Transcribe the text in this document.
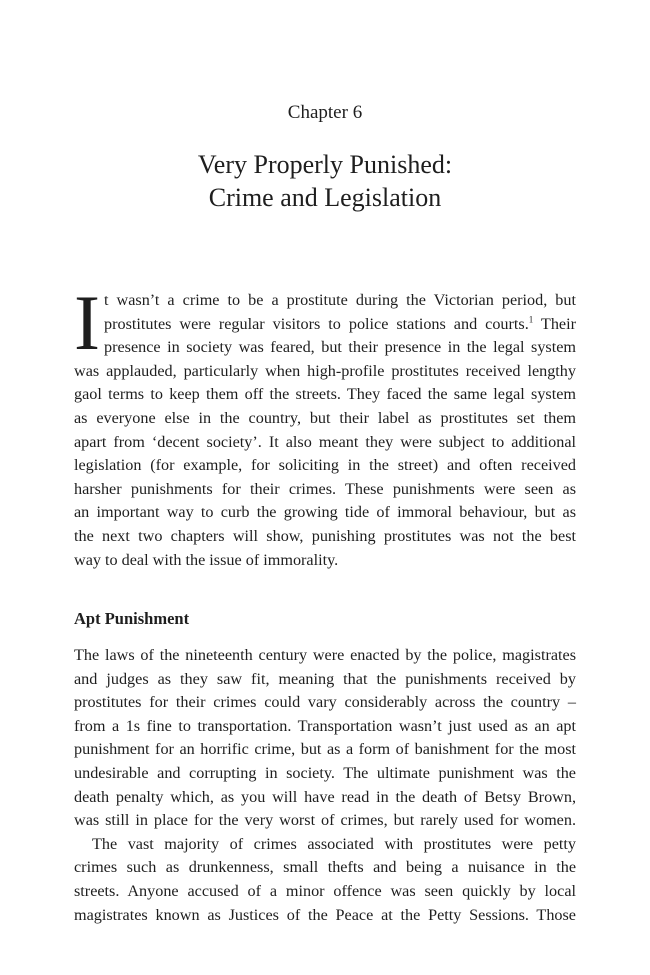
Chapter 6
Very Properly Punished:
Crime and Legislation
I t wasn’t a crime to be a prostitute during the Victorian period, but
prostitutes were regular visitors to police stations and courts.$^1$ Their
presence in society was feared, but their presence in the legal system
was applauded, particularly when high-profile prostitutes received lengthy
gaol terms to keep them off the streets. They faced the same legal system
as everyone else in the country, but their label as prostitutes set them
apart from ‘decent society’. It also meant they were subject to additional
legislation (for example, for soliciting in the street) and often received
harsher punishments for their crimes. These punishments were seen as
an important way to curb the growing tide of immoral behaviour, but as
the next two chapters will show, punishing prostitutes was not the best
way to deal with the issue of immorality.
Apt Punishment
The laws of the nineteenth century were enacted by the police, magistrates
and judges as they saw fit, meaning that the punishments received by
prostitutes for their crimes could vary considerably across the country –
from a 1s fine to transportation. Transportation wasn’t just used as an apt
punishment for an horrific crime, but as a form of banishment for the most
undesirable and corrupting in society. The ultimate punishment was the
death penalty which, as you will have read in the death of Betsy Brown,
was still in place for the very worst of crimes, but rarely used for women.
The vast majority of crimes associated with prostitutes were petty
crimes such as drunkenness, small thefts and being a nuisance in the
streets. Anyone accused of a minor offence was seen quickly by local
magistrates known as Justices of the Peace at the Petty Sessions. Those
